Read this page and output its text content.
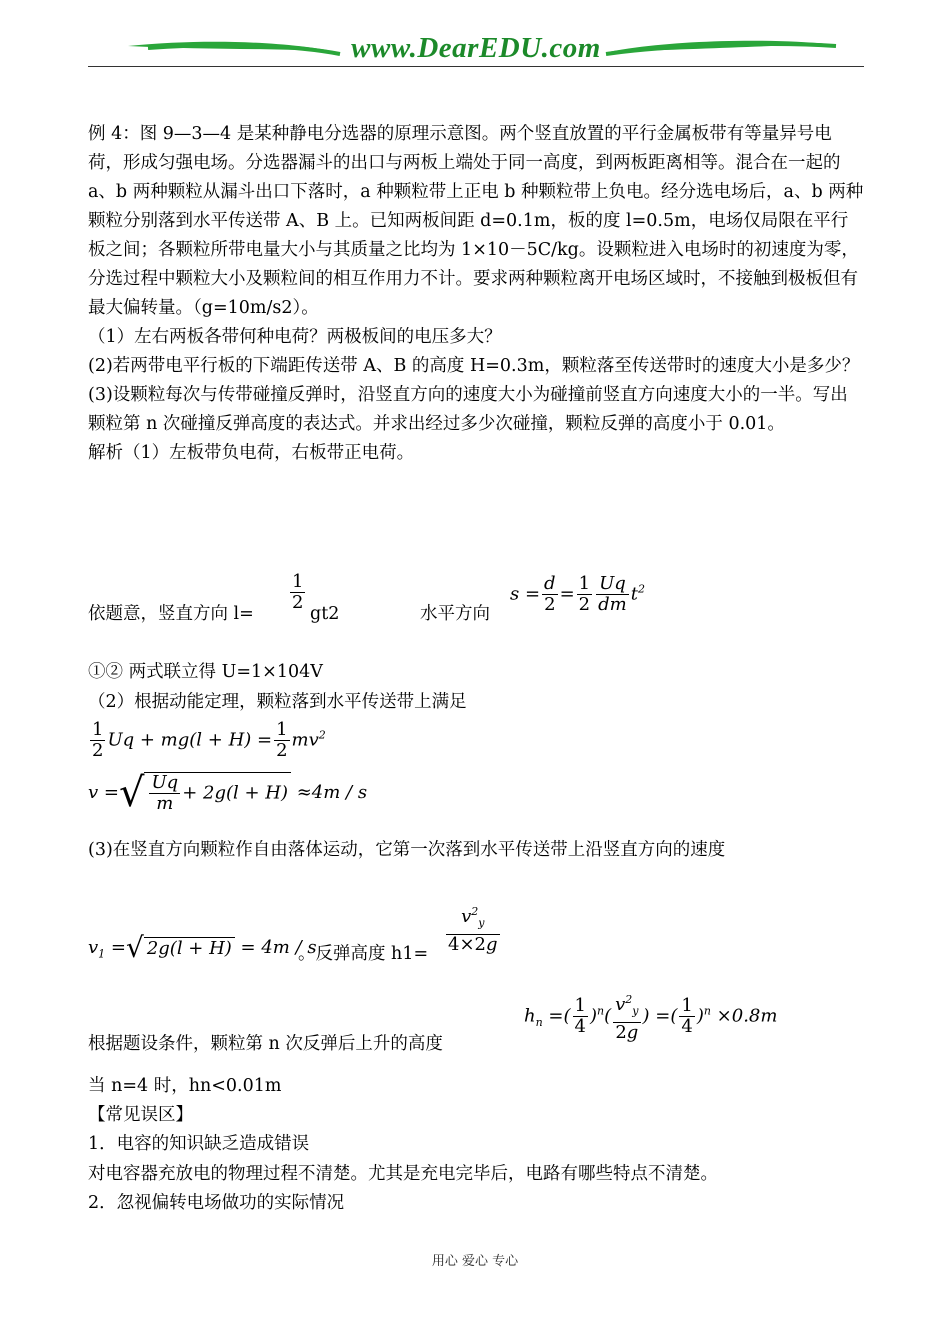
www.DearEDU.com

例 4：图 9—3—4 是某种静电分选器的原理示意图。两个竖直放置的平行金属板带有等量异号电荷，形成匀强电场。分选器漏斗的出口与两板上端处于同一高度，到两板距离相等。混合在一起的 a、b 两种颗粒从漏斗出口下落时，a 种颗粒带上正电 b 种颗粒带上负电。经分选电场后，a、b 两种颗粒分别落到水平传送带 A、B 上。已知两板间距 d=0.1m，板的度 l=0.5m，电场仅局限在平行板之间；各颗粒所带电量大小与其质量之比均为 1×10－5C/kg。设颗粒进入电场时的初速度为零，分选过程中颗粒大小及颗粒间的相互作用力不计。要求两种颗粒离开电场区域时，不接触到极板但有最大偏转量。（g=10m/s2）。

（1）左右两板各带何种电荷？两极板间的电压多大？

(2)若两带电平行板的下端距传送带 A、B 的高度 H=0.3m，颗粒落至传送带时的速度大小是多少？

(3)设颗粒每次与传带碰撞反弹时，沿竖直方向的速度大小为碰撞前竖直方向速度大小的一半。写出颗粒第 n 次碰撞反弹高度的表达式。并求出经过多少次碰撞，颗粒反弹的高度小于 0.01。

解析（1）左板带负电荷，右板带正电荷。

依题意，竖直方向 l=
$\frac{1}{2}$
gt2	水平方向
$s = \frac{d}{2} = \frac{1}{2} \frac{Uq}{dm} t^2$
①② 两式联立得 U=1×104V
（2）根据动能定理，颗粒落到水平传送带上满足
$\frac{1}{2}$ $Uq + mg(l + H) = \frac{1}{2} mv^2$
v =√ $\frac{Uq}{m} + 2g(l + H) \approx 4m / s$
(3)在竖直方向颗粒作自由落体运动，它第一次落到水平传送带上沿竖直方向的速度
$v_1$ =√ 2g(l + H) = 4m / s
。反弹高度 $h1= \frac{v^2_y}{4\times 2g}$
$h_n$ =( $\frac{1}{4} )^n( \frac{v^2_y}{2g}$ ) =( $\frac{1}{4} )^n \times 0.8m$
根据题设条件，颗粒第 n 次反弹后上升的高度
当 n=4 时，hn<0.01m
【常见误区】
1．电容的知识缺乏造成错误
对电容器充放电的物理过程不清楚。尤其是充电完毕后，电路有哪些特点不清楚。
2．忽视偏转电场做功的实际情况
用心 爱心 专心
